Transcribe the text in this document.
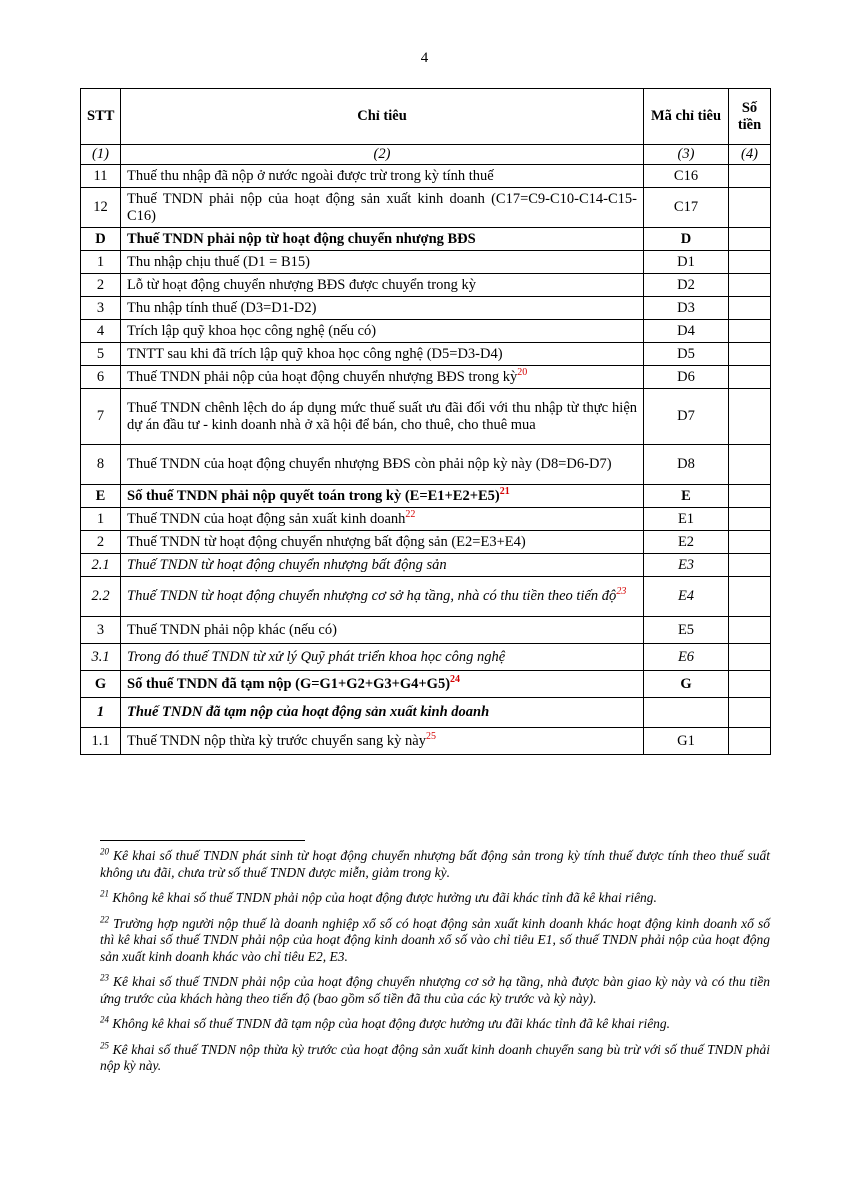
4
STT	Chỉ tiêu	Mã chỉ tiêu	Số tiền
(1)	(2)	(3)	(4)
11	Thuế thu nhập đã nộp ở nước ngoài được trừ trong kỳ tính thuế	C16	
12	Thuế TNDN phải nộp của hoạt động sản xuất kinh doanh (C17=C9-C10-C14-C15-C16)	C17	
D	Thuế TNDN phải nộp từ hoạt động chuyển nhượng BĐS	D	
1	Thu nhập chịu thuế (D1 = B15)	D1	
2	Lỗ từ hoạt động chuyển nhượng BĐS được chuyển trong kỳ	D2	
3	Thu nhập tính thuế (D3=D1-D2)	D3	
4	Trích lập quỹ khoa học công nghệ (nếu có)	D4	
5	TNTT sau khi đã trích lập quỹ khoa học công nghệ (D5=D3-D4)	D5	
6	Thuế TNDN phải nộp của hoạt động chuyển nhượng BĐS trong kỳ$^{20}$	D6	
7	Thuế TNDN chênh lệch do áp dụng mức thuế suất ưu đãi đối với thu nhập từ thực hiện dự án đầu tư - kinh doanh nhà ở xã hội để bán, cho thuê, cho thuê mua	D7	
8	Thuế TNDN của hoạt động chuyển nhượng BĐS còn phải nộp kỳ này (D8=D6-D7)	D8	
E	Số thuế TNDN phải nộp quyết toán trong kỳ (E=E1+E2+E5)$^{21}$	E	
1	Thuế TNDN của hoạt động sản xuất kinh doanh$^{22}$	E1	
2	Thuế TNDN từ hoạt động chuyển nhượng bất động sản (E2=E3+E4)	E2	
2.1	Thuế TNDN từ hoạt động chuyển nhượng bất động sản	E3	
2.2	Thuế TNDN từ hoạt động chuyển nhượng cơ sở hạ tầng, nhà có thu tiền theo tiến độ$^{23}$	E4	
3	Thuế TNDN phải nộp khác (nếu có)	E5	
3.1	Trong đó thuế TNDN từ xử lý Quỹ phát triển khoa học công nghệ	E6	
G	Số thuế TNDN đã tạm nộp (G=G1+G2+G3+G4+G5)$^{24}$	G	
1	Thuế TNDN đã tạm nộp của hoạt động sản xuất kinh doanh		
1.1	Thuế TNDN nộp thừa kỳ trước chuyển sang kỳ này$^{25}$	G1	

$^{20}$ Kê khai số thuế TNDN phát sinh từ hoạt động chuyển nhượng bất động sản trong kỳ tính thuế được tính theo thuế suất không ưu đãi, chưa trừ số thuế TNDN được miễn, giảm trong kỳ.

$^{21}$ Không kê khai số thuế TNDN phải nộp của hoạt động được hưởng ưu đãi khác tỉnh đã kê khai riêng.

$^{22}$ Trường hợp người nộp thuế là doanh nghiệp xổ số có hoạt động sản xuất kinh doanh khác hoạt động kinh doanh xổ số thì kê khai số thuế TNDN phải nộp của hoạt động kinh doanh xổ số vào chỉ tiêu E1, số thuế TNDN phải nộp của hoạt động sản xuất kinh doanh khác vào chỉ tiêu E2, E3.

$^{23}$ Kê khai số thuế TNDN phải nộp của hoạt động chuyển nhượng cơ sở hạ tầng, nhà được bàn giao kỳ này và có thu tiền ứng trước của khách hàng theo tiến độ (bao gồm số tiền đã thu của các kỳ trước và kỳ này).

$^{24}$ Không kê khai số thuế TNDN đã tạm nộp của hoạt động được hưởng ưu đãi khác tỉnh đã kê khai riêng.

$^{25}$ Kê khai số thuế TNDN nộp thừa kỳ trước của hoạt động sản xuất kinh doanh chuyển sang bù trừ với số thuế TNDN phải nộp kỳ này.
